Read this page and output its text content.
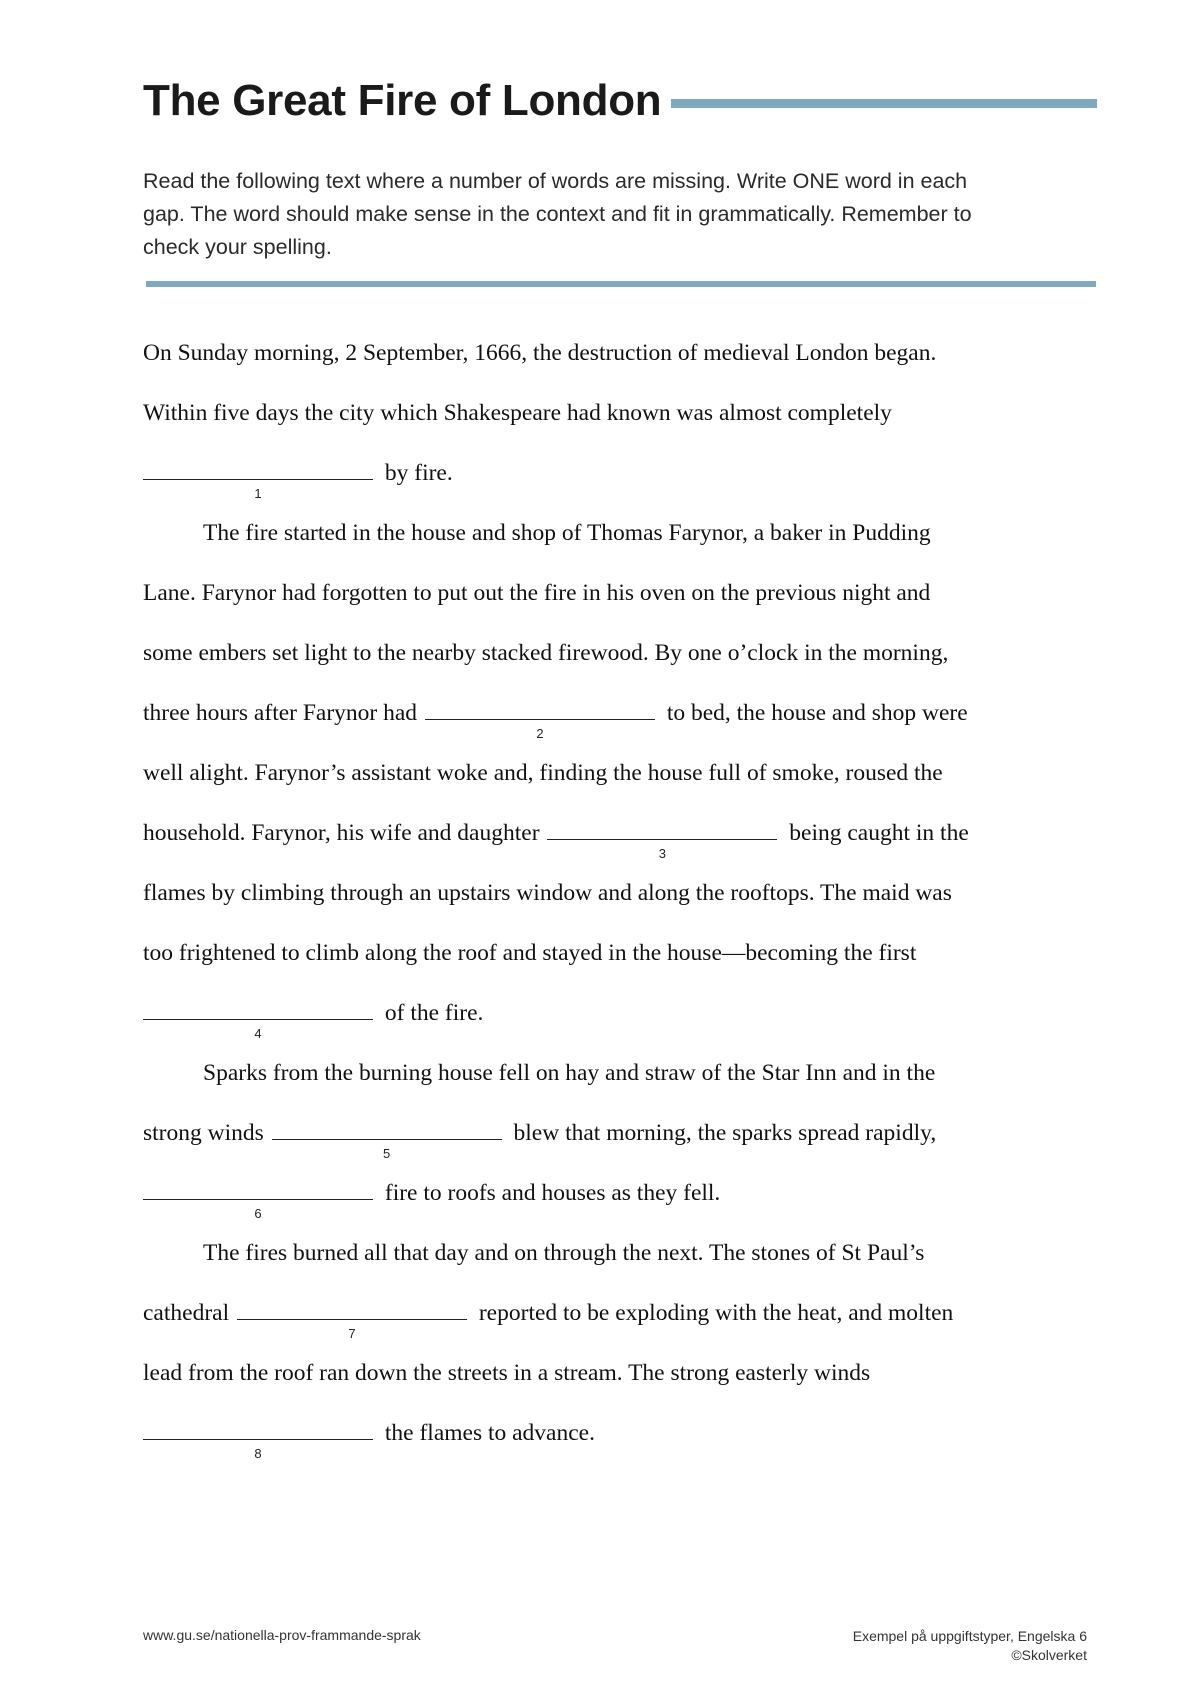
The Great Fire of London
Read the following text where a number of words are missing. Write ONE word in each
gap. The word should make sense in the context and fit in grammatically. Remember to
check your spelling.
On Sunday morning, 2 September, 1666, the destruction of medieval London began.
Within five days the city which Shakespeare had known was almost completely
1
by fire.
The fire started in the house and shop of Thomas Farynor, a baker in Pudding
Lane. Farynor had forgotten to put out the fire in his oven on the previous night and
some embers set light to the nearby stacked firewood. By one o’clock in the morning,
three hours after Farynor had
2
to bed, the house and shop were
well alight. Farynor’s assistant woke and, finding the house full of smoke, roused the
household. Farynor, his wife and daughter
3
being caught in the
flames by climbing through an upstairs window and along the rooftops. The maid was
too frightened to climb along the roof and stayed in the house—becoming the first
4
of the fire.
Sparks from the burning house fell on hay and straw of the Star Inn and in the
strong winds
5
blew that morning, the sparks spread rapidly,
6
fire to roofs and houses as they fell.
The fires burned all that day and on through the next. The stones of St Paul’s
cathedral
7
reported to be exploding with the heat, and molten
lead from the roof ran down the streets in a stream. The strong easterly winds
8
the flames to advance.
www.gu.se/nationella-prov-frammande-sprak	Exempel på uppgiftstyper, Engelska 6
©Skolverket
